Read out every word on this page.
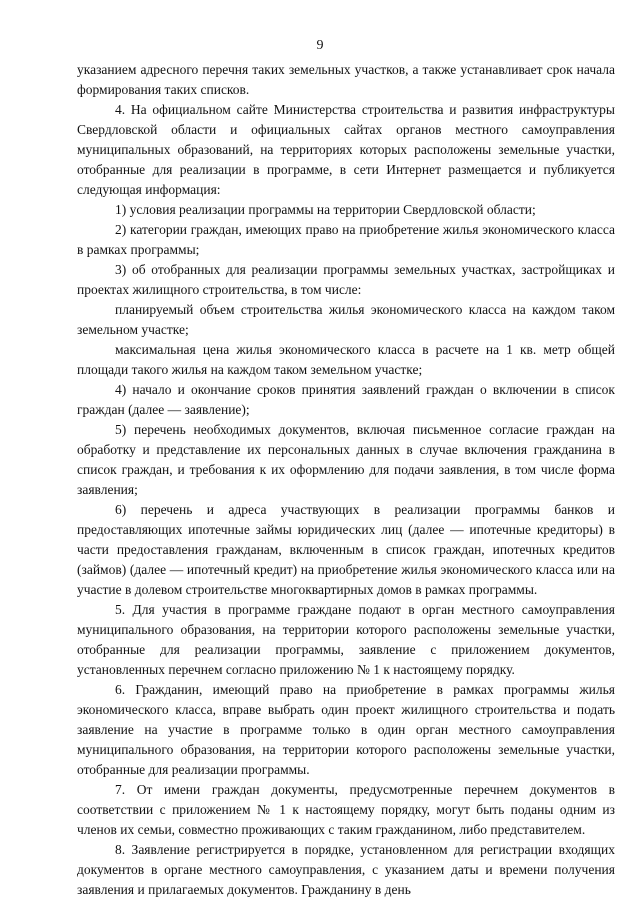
9

указанием адресного перечня таких земельных участков, а также устанавливает срок начала формирования таких списков.

4. На официальном сайте Министерства строительства и развития инфраструктуры Свердловской области и официальных сайтах органов местного самоуправления муниципальных образований, на территориях которых расположены земельные участки, отобранные для реализации в программе, в сети Интернет размещается и публикуется следующая информация:

1) условия реализации программы на территории Свердловской области;

2) категории граждан, имеющих право на приобретение жилья экономического класса в рамках программы;

3) об отобранных для реализации программы земельных участках, застройщиках и проектах жилищного строительства, в том числе:

планируемый объем строительства жилья экономического класса на каждом таком земельном участке;

максимальная цена жилья экономического класса в расчете на 1 кв. метр общей площади такого жилья на каждом таком земельном участке;

4) начало и окончание сроков принятия заявлений граждан о включении в список граждан (далее — заявление);

5) перечень необходимых документов, включая письменное согласие граждан на обработку и представление их персональных данных в случае включения гражданина в список граждан, и требования к их оформлению для подачи заявления, в том числе форма заявления;

6) перечень и адреса участвующих в реализации программы банков и предоставляющих ипотечные займы юридических лиц (далее — ипотечные кредиторы) в части предоставления гражданам, включенным в список граждан, ипотечных кредитов (займов) (далее — ипотечный кредит) на приобретение жилья экономического класса или на участие в долевом строительстве многоквартирных домов в рамках программы.

5. Для участия в программе граждане подают в орган местного самоуправления муниципального образования, на территории которого расположены земельные участки, отобранные для реализации программы, заявление с приложением документов, установленных перечнем согласно приложению № 1 к настоящему порядку.

6. Гражданин, имеющий право на приобретение в рамках программы жилья экономического класса, вправе выбрать один проект жилищного строительства и подать заявление на участие в программе только в один орган местного самоуправления муниципального образования, на территории которого расположены земельные участки, отобранные для реализации программы.

7. От имени граждан документы, предусмотренные перечнем документов в соответствии с приложением № 1 к настоящему порядку, могут быть поданы одним из членов их семьи, совместно проживающих с таким гражданином, либо представителем.

8. Заявление регистрируется в порядке, установленном для регистрации входящих документов в органе местного самоуправления, с указанием даты и времени получения заявления и прилагаемых документов. Гражданину в день
